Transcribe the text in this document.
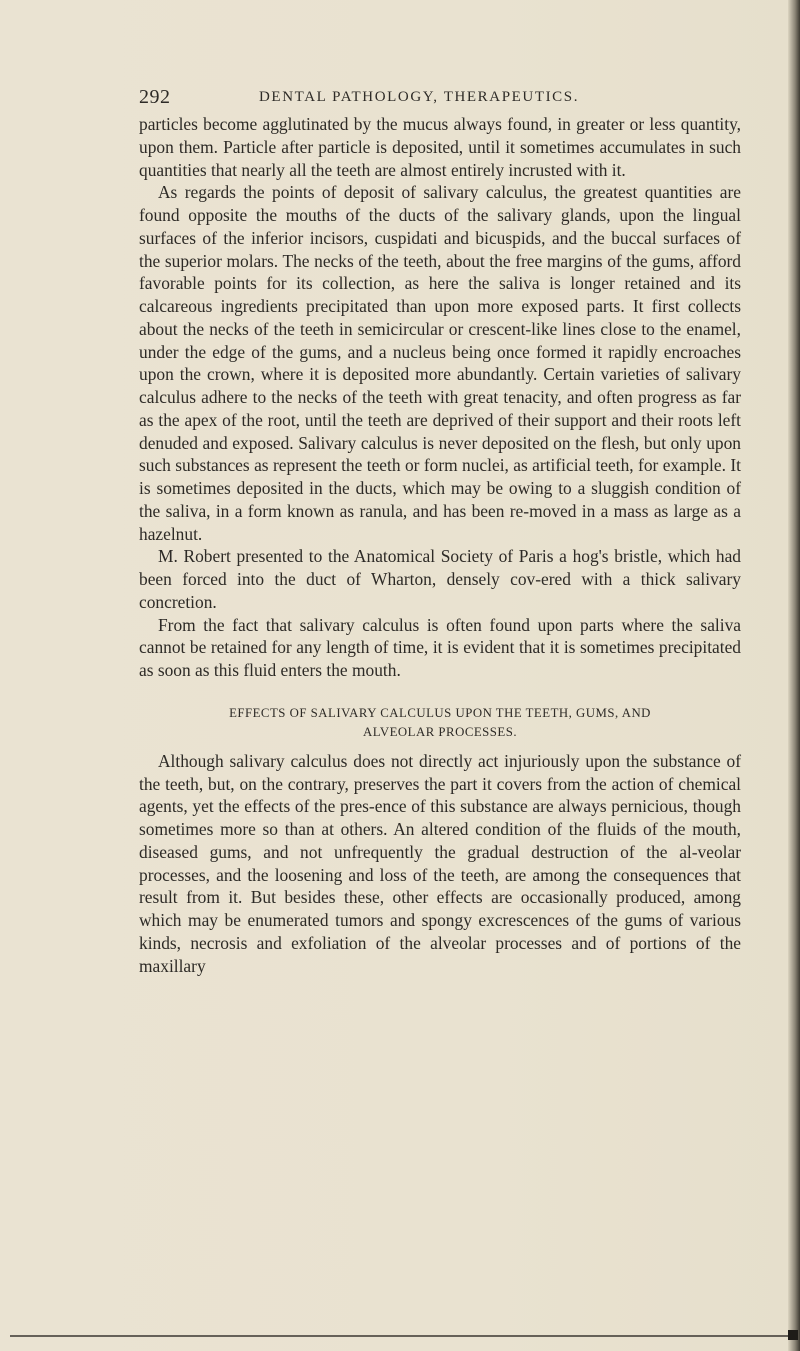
292	DENTAL PATHOLOGY, THERAPEUTICS.

particles become agglutinated by the mucus always found, in greater or less quantity, upon them. Particle after particle is deposited, until it sometimes accumulates in such quantities that nearly all the teeth are almost entirely incrusted with it.

As regards the points of deposit of salivary calculus, the greatest quantities are found opposite the mouths of the ducts of the salivary glands, upon the lingual surfaces of the inferior incisors, cuspidati and bicuspids, and the buccal surfaces of the superior molars. The necks of the teeth, about the free margins of the gums, afford favorable points for its collection, as here the saliva is longer retained and its calcareous ingredients precipitated than upon more exposed parts. It first collects about the necks of the teeth in semicircular or crescent-like lines close to the enamel, under the edge of the gums, and a nucleus being once formed it rapidly encroaches upon the crown, where it is deposited more abundantly. Certain varieties of salivary calculus adhere to the necks of the teeth with great tenacity, and often progress as far as the apex of the root, until the teeth are deprived of their support and their roots left denuded and exposed. Salivary calculus is never deposited on the flesh, but only upon such substances as represent the teeth or form nuclei, as artificial teeth, for example. It is sometimes deposited in the ducts, which may be owing to a sluggish condition of the saliva, in a form known as ranula, and has been re-moved in a mass as large as a hazelnut.

M. Robert presented to the Anatomical Society of Paris a hog's bristle, which had been forced into the duct of Wharton, densely cov-ered with a thick salivary concretion.

From the fact that salivary calculus is often found upon parts where the saliva cannot be retained for any length of time, it is evident that it is sometimes precipitated as soon as this fluid enters the mouth.

EFFECTS OF SALIVARY CALCULUS UPON THE TEETH, GUMS, AND
ALVEOLAR PROCESSES.

Although salivary calculus does not directly act injuriously upon the substance of the teeth, but, on the contrary, preserves the part it covers from the action of chemical agents, yet the effects of the pres-ence of this substance are always pernicious, though sometimes more so than at others. An altered condition of the fluids of the mouth, diseased gums, and not unfrequently the gradual destruction of the al-veolar processes, and the loosening and loss of the teeth, are among the consequences that result from it. But besides these, other effects are occasionally produced, among which may be enumerated tumors and spongy excrescences of the gums of various kinds, necrosis and exfoliation of the alveolar processes and of portions of the maxillary
